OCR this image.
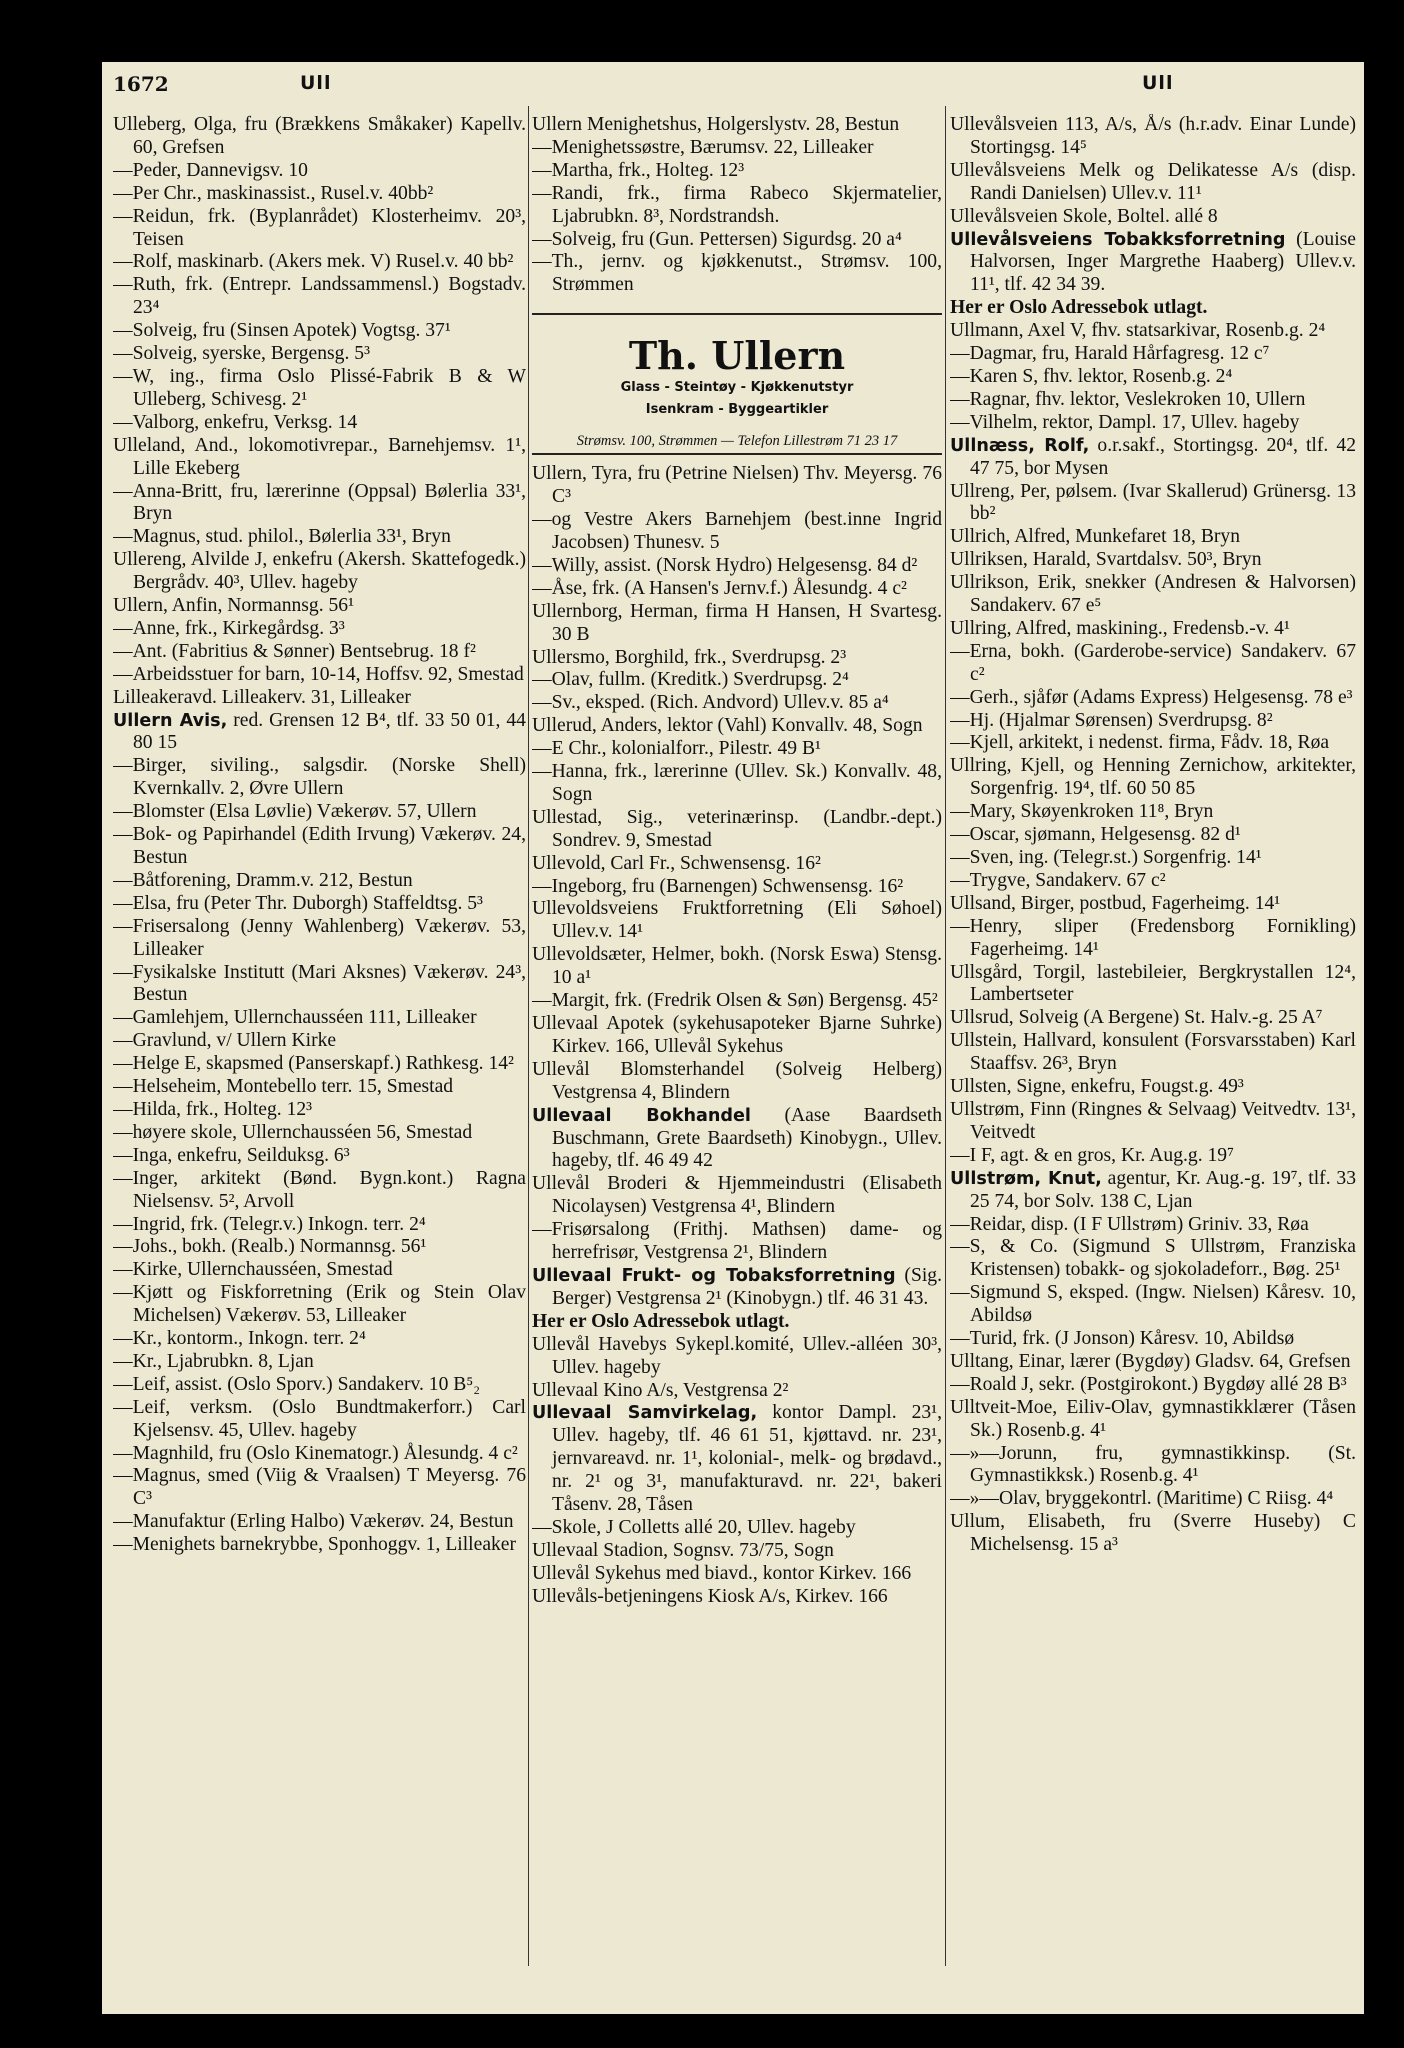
1672	Ull	Ull
Ulleberg, Olga, fru (Brækkens Småkaker) Kapellv. 60, Grefsen
—Peder, Dannevigsv. 10
—Per Chr., maskinassist., Rusel.v. 40bb²
—Reidun, frk. (Byplanrådet) Klosterheimv. 20³, Teisen
—Rolf, maskinarb. (Akers mek. V) Rusel.v. 40 bb²
—Ruth, frk. (Entrepr. Landssammensl.) Bogstadv. 23⁴
—Solveig, fru (Sinsen Apotek) Vogtsg. 37¹
—Solveig, syerske, Bergensg. 5³
—W, ing., firma Oslo Plissé-Fabrik B & W Ulleberg, Schivesg. 2¹
—Valborg, enkefru, Verksg. 14
Ulleland, And., lokomotivrepar., Barnehjemsv. 1¹, Lille Ekeberg
—Anna-Britt, fru, lærerinne (Oppsal) Bølerlia 33¹, Bryn
—Magnus, stud. philol., Bølerlia 33¹, Bryn
Ullereng, Alvilde J, enkefru (Akersh. Skattefogedk.) Bergrådv. 40³, Ullev. hageby
Ullern, Anfin, Normannsg. 56¹
—Anne, frk., Kirkegårdsg. 3³
—Ant. (Fabritius & Sønner) Bentsebrug. 18 f²
—Arbeidsstuer for barn, 10-14, Hoffsv. 92, Smestad
Lilleakeravd. Lilleakerv. 31, Lilleaker
Ullern Avis, red. Grensen 12 B⁴, tlf. 33 50 01, 44 80 15
—Birger, siviling., salgsdir. (Norske Shell) Kvernkallv. 2, Øvre Ullern
—Blomster (Elsa Løvlie) Vækerøv. 57, Ullern
—Bok- og Papirhandel (Edith Irvung) Vækerøv. 24, Bestun
—Båtforening, Dramm.v. 212, Bestun
—Elsa, fru (Peter Thr. Duborgh) Staffeldtsg. 5³
—Frisersalong (Jenny Wahlenberg) Vækerøv. 53, Lilleaker
—Fysikalske Institutt (Mari Aksnes) Vækerøv. 24³, Bestun
—Gamlehjem, Ullernchausséen 111, Lilleaker
—Gravlund, v/ Ullern Kirke
—Helge E, skapsmed (Panserskapf.) Rathkesg. 14²
—Helseheim, Montebello terr. 15, Smestad
—Hilda, frk., Holteg. 12³
—høyere skole, Ullernchausséen 56, Smestad
—Inga, enkefru, Seilduksg. 6³
—Inger, arkitekt (Bønd. Bygn.kont.) Ragna Nielsensv. 5², Arvoll
—Ingrid, frk. (Telegr.v.) Inkogn. terr. 2⁴
—Johs., bokh. (Realb.) Normannsg. 56¹
—Kirke, Ullernchausséen, Smestad
—Kjøtt og Fiskforretning (Erik og Stein Olav Michelsen) Vækerøv. 53, Lilleaker
—Kr., kontorm., Inkogn. terr. 2⁴
—Kr., Ljabrubkn. 8, Ljan
—Leif, assist. (Oslo Sporv.) Sandakerv. 10 B⁵₂
—Leif, verksm. (Oslo Bundtmakerforr.) Carl Kjelsensv. 45, Ullev. hageby
—Magnhild, fru (Oslo Kinematogr.) Ålesundg. 4 c²
—Magnus, smed (Viig & Vraalsen) T Meyersg. 76 C³
—Manufaktur (Erling Halbo) Vækerøv. 24, Bestun
—Menighets barnekrybbe, Sponhoggv. 1, Lilleaker
Ullern Menighetshus, Holgerslystv. 28, Bestun
—Menighetssøstre, Bærumsv. 22, Lilleaker
—Martha, frk., Holteg. 12³
—Randi, frk., firma Rabeco Skjermatelier, Ljabrubkn. 8³, Nordstrandsh.
—Solveig, fru (Gun. Pettersen) Sigurdsg. 20 a⁴
—Th., jernv. og kjøkkenutst., Strømsv. 100, Strømmen
Th. Ullern
Glass - Steintøy - Kjøkkenutstyr
Isenkram - Byggeartikler
Strømsv. 100, Strømmen — Telefon Lillestrøm 71 23 17
Ullern, Tyra, fru (Petrine Nielsen) Thv. Meyersg. 76 C³
—og Vestre Akers Barnehjem (best.inne Ingrid Jacobsen) Thunesv. 5
—Willy, assist. (Norsk Hydro) Helgesensg. 84 d²
—Åse, frk. (A Hansen's Jernv.f.) Ålesundg. 4 c²
Ullernborg, Herman, firma H Hansen, H Svartesg. 30 B
Ullersmo, Borghild, frk., Sverdrupsg. 2³
—Olav, fullm. (Kreditk.) Sverdrupsg. 2⁴
—Sv., eksped. (Rich. Andvord) Ullev.v. 85 a⁴
Ullerud, Anders, lektor (Vahl) Konvallv. 48, Sogn
—E Chr., kolonialforr., Pilestr. 49 B¹
—Hanna, frk., lærerinne (Ullev. Sk.) Konvallv. 48, Sogn
Ullestad, Sig., veterinærinsp. (Landbr.-dept.) Sondrev. 9, Smestad
Ullevold, Carl Fr., Schwensensg. 16²
—Ingeborg, fru (Barnengen) Schwensensg. 16²
Ullevoldsveiens Fruktforretning (Eli Søhoel) Ullev.v. 14¹
Ullevoldsæter, Helmer, bokh. (Norsk Eswa) Stensg. 10 a¹
—Margit, frk. (Fredrik Olsen & Søn) Bergensg. 45²
Ullevaal Apotek (sykehusapoteker Bjarne Suhrke) Kirkev. 166, Ullevål Sykehus
Ullevål Blomsterhandel (Solveig Helberg) Vestgrensa 4, Blindern
Ullevaal Bokhandel (Aase Baardseth Buschmann, Grete Baardseth) Kinobygn., Ullev. hageby, tlf. 46 49 42
Ullevål Broderi & Hjemmeindustri (Elisabeth Nicolaysen) Vestgrensa 4¹, Blindern
—Frisørsalong (Frithj. Mathsen) dame- og herrefrisør, Vestgrensa 2¹, Blindern
Ullevaal Frukt- og Tobaksforretning (Sig. Berger) Vestgrensa 2¹ (Kinobygn.) tlf. 46 31 43.
Her er Oslo Adressebok utlagt.
Ullevål Havebys Sykepl.komité, Ullev.-alléen 30³, Ullev. hageby
Ullevaal Kino A/s, Vestgrensa 2²
Ullevaal Samvirkelag, kontor Dampl. 23¹, Ullev. hageby, tlf. 46 61 51, kjøttavd. nr. 23¹, jernvareavd. nr. 1¹, kolonial-, melk- og brødavd., nr. 2¹ og 3¹, manufakturavd. nr. 22¹, bakeri Tåsenv. 28, Tåsen
—Skole, J Colletts allé 20, Ullev. hageby
Ullevaal Stadion, Sognsv. 73/75, Sogn
Ullevål Sykehus med biavd., kontor Kirkev. 166
Ullevåls-betjeningens Kiosk A/s, Kirkev. 166
Ullevålsveien 113, A/s, Å/s (h.r.adv. Einar Lunde) Stortingsg. 14⁵
Ullevålsveiens Melk og Delikatesse A/s (disp. Randi Danielsen) Ullev.v. 11¹
Ullevålsveien Skole, Boltel. allé 8
Ullevålsveiens Tobakksforretning (Louise Halvorsen, Inger Margrethe Haaberg) Ullev.v. 11¹, tlf. 42 34 39.
Her er Oslo Adressebok utlagt.
Ullmann, Axel V, fhv. statsarkivar, Rosenb.g. 2⁴
—Dagmar, fru, Harald Hårfagresg. 12 c⁷
—Karen S, fhv. lektor, Rosenb.g. 2⁴
—Ragnar, fhv. lektor, Veslekroken 10, Ullern
—Vilhelm, rektor, Dampl. 17, Ullev. hageby
Ullnæss, Rolf, o.r.sakf., Stortingsg. 20⁴, tlf. 42 47 75, bor Mysen
Ullreng, Per, pølsem. (Ivar Skallerud) Grünersg. 13 bb²
Ullrich, Alfred, Munkefaret 18, Bryn
Ullriksen, Harald, Svartdalsv. 50³, Bryn
Ullrikson, Erik, snekker (Andresen & Halvorsen) Sandakerv. 67 e⁵
Ullring, Alfred, maskining., Fredensb.-v. 4¹
—Erna, bokh. (Garderobe-service) Sandakerv. 67 c²
—Gerh., sjåfør (Adams Express) Helgesensg. 78 e³
—Hj. (Hjalmar Sørensen) Sverdrupsg. 8²
—Kjell, arkitekt, i nedenst. firma, Fådv. 18, Røa
Ullring, Kjell, og Henning Zernichow, arkitekter, Sorgenfrig. 19⁴, tlf. 60 50 85
—Mary, Skøyenkroken 11⁸, Bryn
—Oscar, sjømann, Helgesensg. 82 d¹
—Sven, ing. (Telegr.st.) Sorgenfrig. 14¹
—Trygve, Sandakerv. 67 c²
Ullsand, Birger, postbud, Fagerheimg. 14¹
—Henry, sliper (Fredensborg Fornikling) Fagerheimg. 14¹
Ullsgård, Torgil, lastebileier, Bergkrystallen 12⁴, Lambertseter
Ullsrud, Solveig (A Bergene) St. Halv.-g. 25 A⁷
Ullstein, Hallvard, konsulent (Forsvarsstaben) Karl Staaffsv. 26³, Bryn
Ullsten, Signe, enkefru, Fougst.g. 49³
Ullstrøm, Finn (Ringnes & Selvaag) Veitvedtv. 13¹, Veitvedt
—I F, agt. & en gros, Kr. Aug.g. 19⁷
Ullstrøm, Knut, agentur, Kr. Aug.-g. 19⁷, tlf. 33 25 74, bor Solv. 138 C, Ljan
—Reidar, disp. (I F Ullstrøm) Griniv. 33, Røa
—S, & Co. (Sigmund S Ullstrøm, Franziska Kristensen) tobakk- og sjokoladeforr., Bøg. 25¹
—Sigmund S, eksped. (Ingw. Nielsen) Kåresv. 10, Abildsø
—Turid, frk. (J Jonson) Kåresv. 10, Abildsø
Ulltang, Einar, lærer (Bygdøy) Gladsv. 64, Grefsen
—Roald J, sekr. (Postgirokont.) Bygdøy allé 28 B³
Ulltveit-Moe, Eiliv-Olav, gymnastikklærer (Tåsen Sk.) Rosenb.g. 4¹
—»—Jorunn, fru, gymnastikkinsp. (St. Gymnastikksk.) Rosenb.g. 4¹
—»—Olav, bryggekontrl. (Maritime) C Riisg. 4⁴
Ullum, Elisabeth, fru (Sverre Huseby) C Michelsensg. 15 a³
